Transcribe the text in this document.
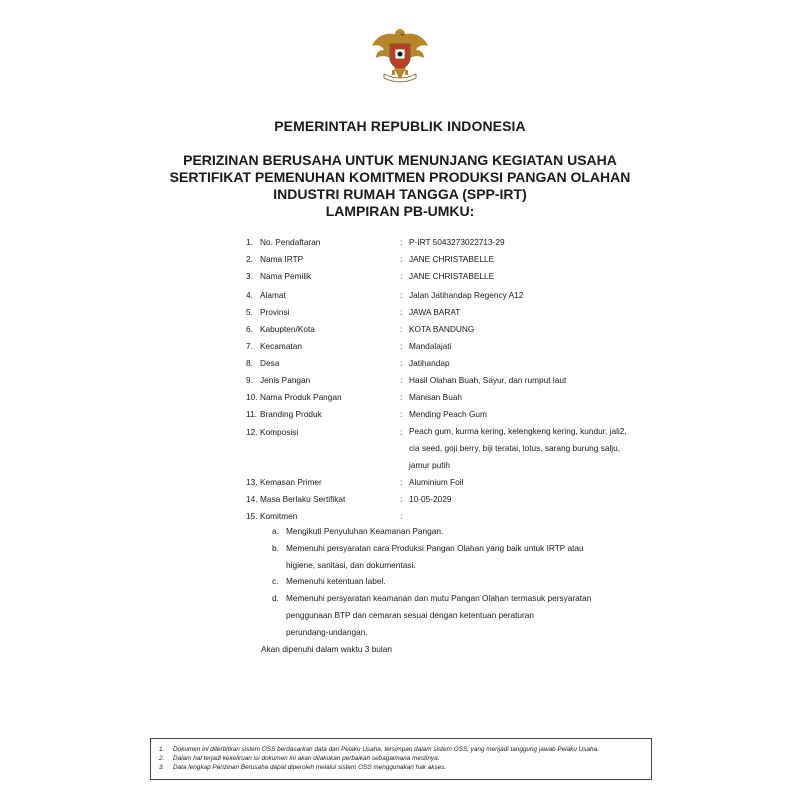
PEMERINTAH REPUBLIK INDONESIA
PERIZINAN BERUSAHA UNTUK MENUNJANG KEGIATAN USAHA
SERTIFIKAT PEMENUHAN KOMITMEN PRODUKSI PANGAN OLAHAN
INDUSTRI RUMAH TANGGA (SPP-IRT)
LAMPIRAN PB-UMKU:
1. No. Pendaftaran	: P-IRT 5043273022713-29
2. Nama IRTP	: JANE CHRISTABELLE
3. Nama Pemilik	: JANE CHRISTABELLE
4. Alamat	: Jalan Jatihandap Regency A12
5. Provinsi	: JAWA BARAT
6. Kabupten/Kota	: KOTA BANDUNG
7. Kecamatan	: Mandalajati
8. Desa	: Jatihandap
9. Jenis Pangan	: Hasil Olahan Buah, Sayur, dan rumput laut
10. Nama Produk Pangan	: Manisan Buah
11. Branding Produk	: Mending Peach Gum
12. Komposisi	: Peach gum, kurma kering, kelengkeng kering, kundur, jali2, cia seed, goji berry, biji teratai, lotus, sarang burung salju, jamur putih
13. Kemasan Primer	: Aluminium Foil
14. Masa Berlaku Sertifikat	: 10-05-2029
15. Komitmen	:
a. Mengikuti Penyuluhan Keamanan Pangan.
b. Memenuhi persyaratan cara Produksi Pangan Olahan yang baik untuk IRTP atau
higiene, sanitasi, dan dokumentasi.
c. Memenuhi ketentuan label.
d. Memenuhi persyaratan keamanan dan mutu Pangan Olahan termasuk persyaratan
penggunaan BTP dan cemaran sesuai dengan ketentuan peraturan
perundang-undangan.
Akan dipenuhi dalam waktu 3 bulan
1. Dokumen ini diterbitkan sistem OSS berdasarkan data dari Pelaku Usaha, tersimpan dalam sistem OSS, yang menjadi tanggung jawab Pelaku Usaha.
2. Dalam hal terjadi kekeliruan isi dokumen ini akan dilakukan perbaikan sebagaimana mestinya.
3. Data lengkap Perizinan Berusaha dapat diperoleh melalui sistem OSS menggunakan hak akses.
